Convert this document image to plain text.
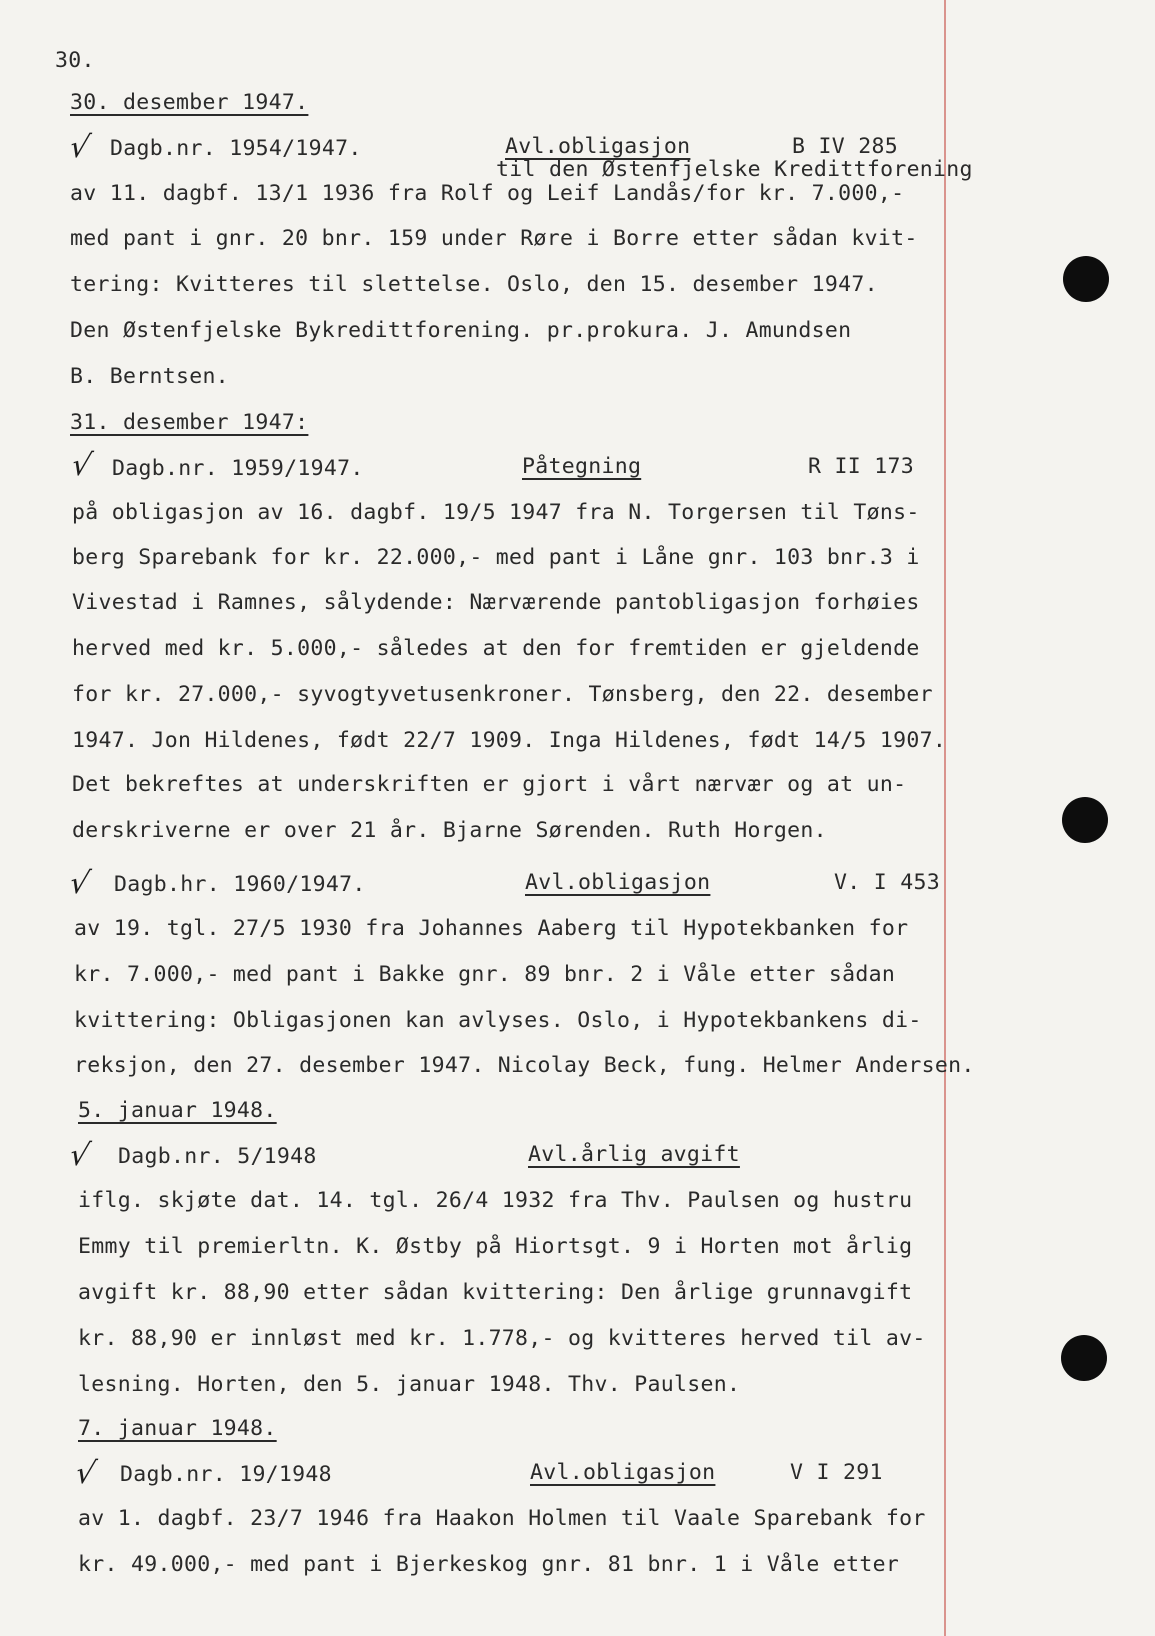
30.
30. desember 1947.
√ Dagb.nr. 1954/1947.	Avl.obligasjon	B IV 285
til den Østenfjelske Kredittforening
av 11. dagbf. 13/1 1936 fra Rolf og Leif Landås/for kr. 7.000,-
med pant i gnr. 20 bnr. 159 under Røre i Borre etter sådan kvit-
tering: Kvitteres til slettelse. Oslo, den 15. desember 1947.
Den Østenfjelske Bykredittforening. pr.prokura. J. Amundsen
B. Berntsen.
31. desember 1947:
√ Dagb.nr. 1959/1947.	Påtegning	R II 173
på obligasjon av 16. dagbf. 19/5 1947 fra N. Torgersen til Tøns-
berg Sparebank for kr. 22.000,- med pant i Låne gnr. 103 bnr.3 i
Vivestad i Ramnes, sålydende: Nærværende pantobligasjon forhøies
herved med kr. 5.000,- således at den for fremtiden er gjeldende
for kr. 27.000,- syvogtyvetusenkroner. Tønsberg, den 22. desember
1947. Jon Hildenes, født 22/7 1909. Inga Hildenes, født 14/5 1907.
Det bekreftes at underskriften er gjort i vårt nærvær og at un-
derskriverne er over 21 år. Bjarne Sørenden. Ruth Horgen.
√ Dagb.hr. 1960/1947.	Avl.obligasjon	V. I 453
av 19. tgl. 27/5 1930 fra Johannes Aaberg til Hypotekbanken for
kr. 7.000,- med pant i Bakke gnr. 89 bnr. 2 i Våle etter sådan
kvittering: Obligasjonen kan avlyses. Oslo, i Hypotekbankens di-
reksjon, den 27. desember 1947. Nicolay Beck, fung. Helmer Andersen.
5. januar 1948.
√ Dagb.nr. 5/1948	Avl.årlig avgift
iflg. skjøte dat. 14. tgl. 26/4 1932 fra Thv. Paulsen og hustru
Emmy til premierltn. K. Østby på Hiortsgt. 9 i Horten mot årlig
avgift kr. 88,90 etter sådan kvittering: Den årlige grunnavgift
kr. 88,90 er innløst med kr. 1.778,- og kvitteres herved til av-
lesning. Horten, den 5. januar 1948. Thv. Paulsen.
7. januar 1948.
√ Dagb.nr. 19/1948	Avl.obligasjon	V I 291
av 1. dagbf. 23/7 1946 fra Haakon Holmen til Vaale Sparebank for
kr. 49.000,- med pant i Bjerkeskog gnr. 81 bnr. 1 i Våle etter
